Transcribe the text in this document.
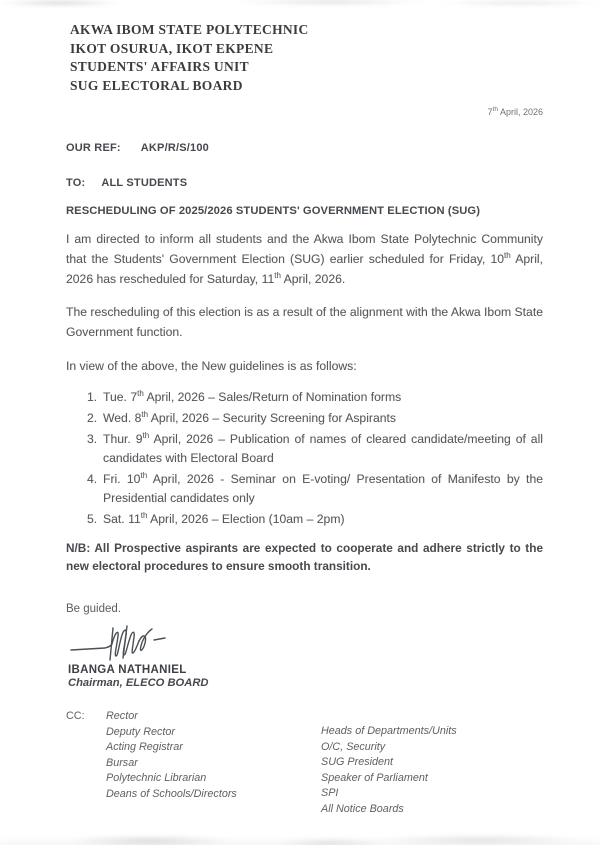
AKWA IBOM STATE POLYTECHNIC
IKOT OSURUA, IKOT EKPENE
STUDENTS' AFFAIRS UNIT
SUG ELECTORAL BOARD
7th April, 2026
OUR REF: AKP/R/S/100
TO: ALL STUDENTS
RESCHEDULING OF 2025/2026 STUDENTS' GOVERNMENT ELECTION (SUG)

I am directed to inform all students and the Akwa Ibom State Polytechnic Community that the Students' Government Election (SUG) earlier scheduled for Friday, 10th April, 2026 has rescheduled for Saturday, 11th April, 2026.

The rescheduling of this election is as a result of the alignment with the Akwa Ibom State Government function.

In view of the above, the New guidelines is as follows:

1. Tue. 7th April, 2026 – Sales/Return of Nomination forms
2. Wed. 8th April, 2026 – Security Screening for Aspirants
3. Thur. 9th April, 2026 – Publication of names of cleared candidate/meeting of all candidates with Electoral Board
4. Fri. 10th April, 2026 - Seminar on E-voting/ Presentation of Manifesto by the Presidential candidates only
5. Sat. 11th April, 2026 – Election (10am – 2pm)

N/B: All Prospective aspirants are expected to cooperate and adhere strictly to the new electoral procedures to ensure smooth transition.

Be guided.
IBANGA NATHANIEL
Chairman, ELECO BOARD
CC:	Rector
Deputy Rector
Acting Registrar
Bursar
Polytechnic Librarian
Deans of Schools/Directors
Heads of Departments/Units
O/C, Security
SUG President
Speaker of Parliament
SPI
All Notice Boards
